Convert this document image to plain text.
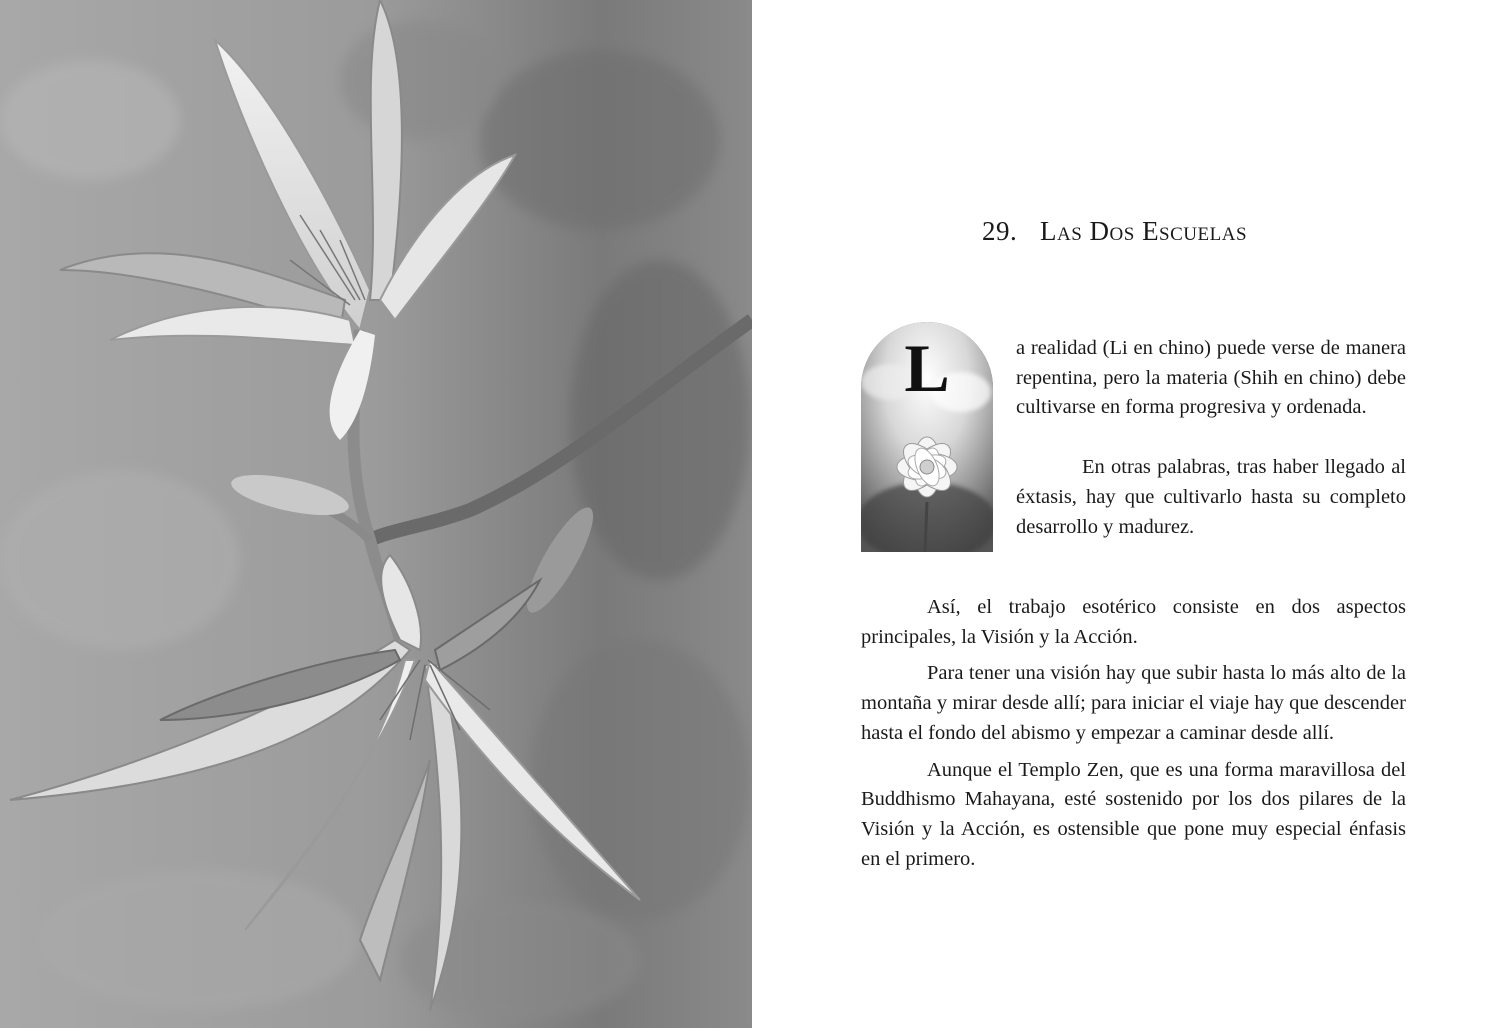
29. Las Dos Escuelas
L	a realidad (Li en chino) puede verse de manera repentina, pero la materia (Shih en chino) debe cultivarse en forma progresiva y ordenada.

En otras palabras, tras haber llegado al éxtasis, hay que cultivarlo hasta su completo desarrollo y madurez.

Así, el trabajo esotérico consiste en dos aspectos principales, la Visión y la Acción.

Para tener una visión hay que subir hasta lo más alto de la montaña y mirar desde allí; para iniciar el viaje hay que descender hasta el fondo del abismo y empezar a caminar desde allí.

Aunque el Templo Zen, que es una forma maravillosa del Buddhismo Mahayana, esté sostenido por los dos pilares de la Visión y la Acción, es ostensible que pone muy especial énfasis en el primero.
